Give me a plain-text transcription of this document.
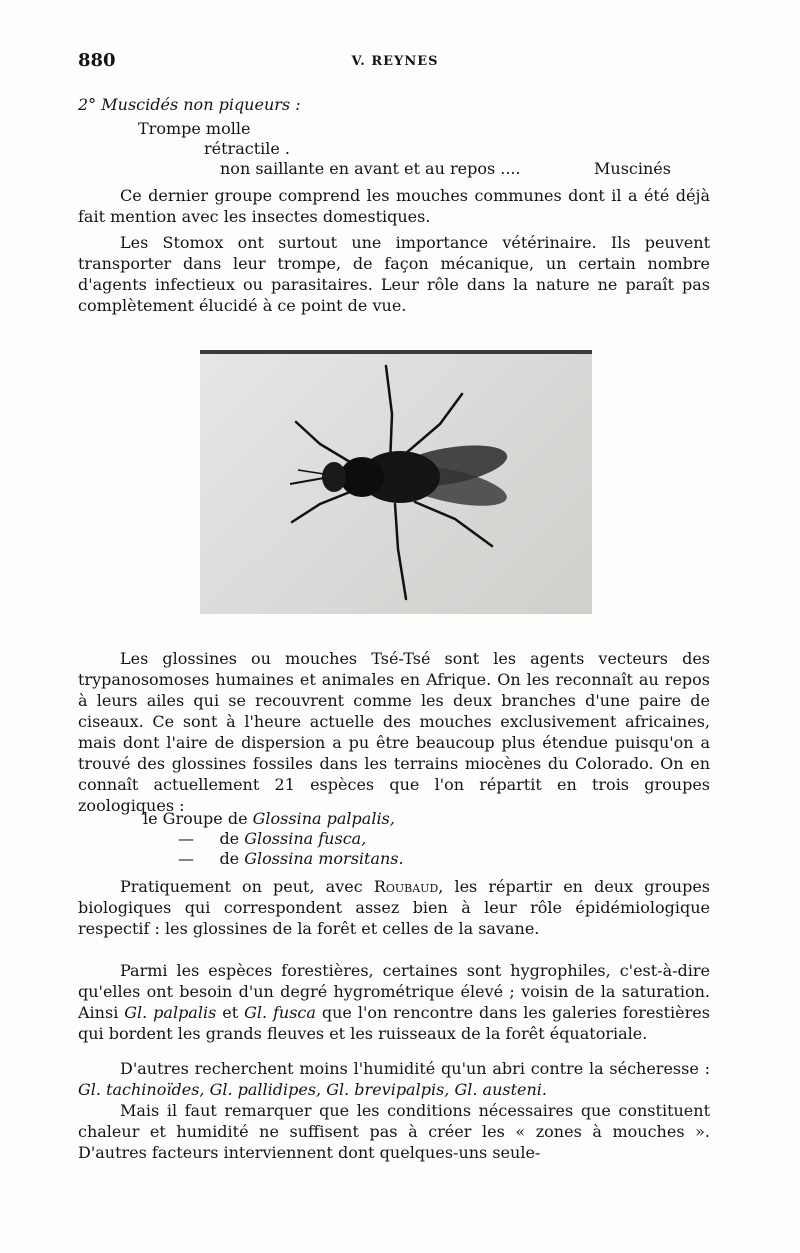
880	V. REYNES
2° Muscidés non piqueurs :
Trompe molle
rétractile .
non saillante en avant et au repos ....	Muscinés
Ce dernier groupe comprend les mouches communes dont il a été déjà fait mention avec les insectes domestiques.
Les Stomox ont surtout une importance vétérinaire. Ils peuvent transporter dans leur trompe, de façon mécanique, un certain nombre d'agents infectieux ou parasitaires. Leur rôle dans la nature ne paraît pas complètement élucidé à ce point de vue.
Les glossines ou mouches Tsé-Tsé sont les agents vecteurs des trypanosomoses humaines et animales en Afrique. On les reconnaît au repos à leurs ailes qui se recouvrent comme les deux branches d'une paire de ciseaux. Ce sont à l'heure actuelle des mouches exclusivement africaines, mais dont l'aire de dispersion a pu être beaucoup plus étendue puisqu'on a trouvé des glossines fossiles dans les terrains miocènes du Colorado. On en connaît actuellement 21 espèces que l'on répartit en trois groupes zoologiques :
le Groupe de Glossina palpalis,
— de Glossina fusca,
— de Glossina morsitans.
Pratiquement on peut, avec Roubaud, les répartir en deux groupes biologiques qui correspondent assez bien à leur rôle épidémiologique respectif : les glossines de la forêt et celles de la savane.
Parmi les espèces forestières, certaines sont hygrophiles, c'est-à-dire qu'elles ont besoin d'un degré hygrométrique élevé ; voisin de la saturation. Ainsi Gl. palpalis et Gl. fusca que l'on rencontre dans les galeries forestières qui bordent les grands fleuves et les ruisseaux de la forêt équatoriale.
D'autres recherchent moins l'humidité qu'un abri contre la sécheresse : Gl. tachinoïdes, Gl. pallidipes, Gl. brevipalpis, Gl. austeni.
Mais il faut remarquer que les conditions nécessaires que constituent chaleur et humidité ne suffisent pas à créer les « zones à mouches ». D'autres facteurs interviennent dont quelques-uns seule-
